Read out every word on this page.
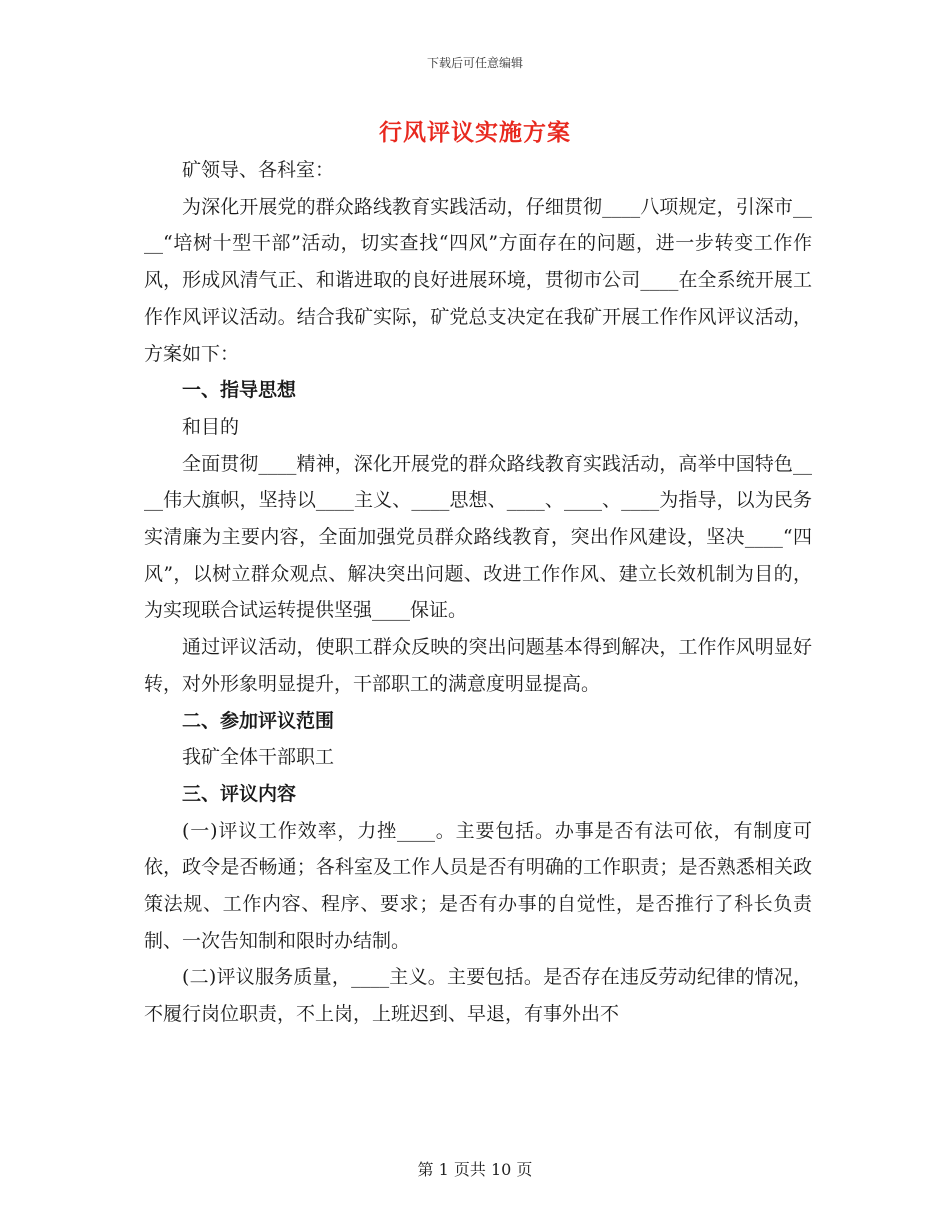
下载后可任意编辑
行风评议实施方案

矿领导、各科室：

为深化开展党的群众路线教育实践活动，仔细贯彻____八项规定，引深市____“培树十型干部”活动，切实查找“四风”方面存在的问题，进一步转变工作作风，形成风清气正、和谐进取的良好进展环境，贯彻市公司____在全系统开展工作作风评议活动。结合我矿实际，矿党总支决定在我矿开展工作作风评议活动，方案如下：

一、指导思想

和目的

全面贯彻____精神，深化开展党的群众路线教育实践活动，高举中国特色____伟大旗帜，坚持以____主义、____思想、____、____、____为指导，以为民务实清廉为主要内容，全面加强党员群众路线教育，突出作风建设，坚决____“四风”，以树立群众观点、解决突出问题、改进工作作风、建立长效机制为目的，为实现联合试运转提供坚强____保证。

通过评议活动，使职工群众反映的突出问题基本得到解决，工作作风明显好转，对外形象明显提升，干部职工的满意度明显提高。

二、参加评议范围

我矿全体干部职工

三、评议内容

(一)评议工作效率，力挫____。主要包括。办事是否有法可依，有制度可依，政令是否畅通；各科室及工作人员是否有明确的工作职责；是否熟悉相关政策法规、工作内容、程序、要求；是否有办事的自觉性，是否推行了科长负责制、一次告知制和限时办结制。

(二)评议服务质量，____主义。主要包括。是否存在违反劳动纪律的情况，不履行岗位职责，不上岗，上班迟到、早退，有事外出不

第 1 页共 10 页
